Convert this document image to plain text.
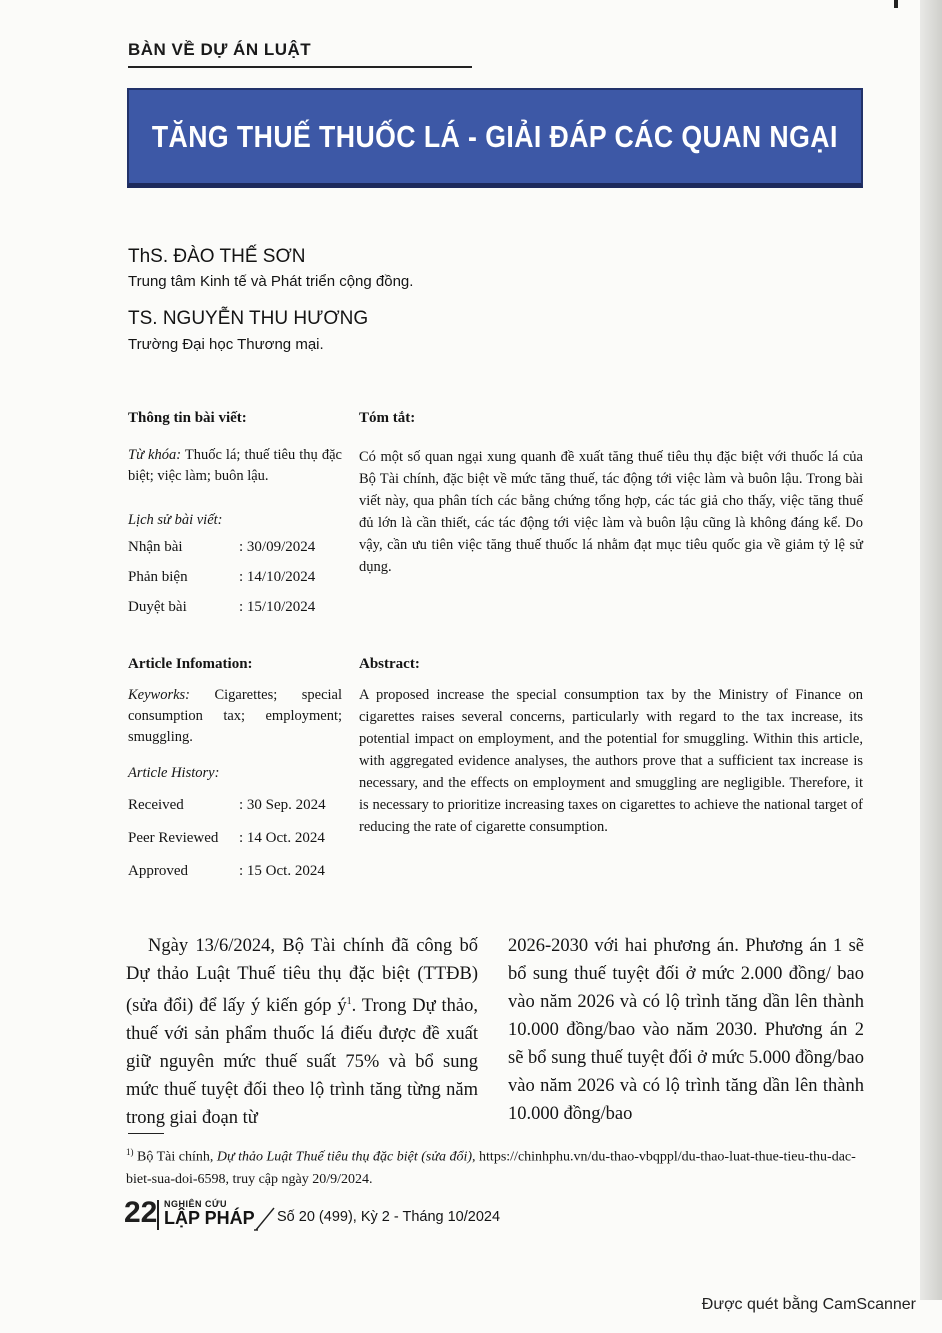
BÀN VỀ DỰ ÁN LUẬT
TĂNG THUẾ THUỐC LÁ - GIẢI ĐÁP CÁC QUAN NGẠI
ThS. ĐÀO THẾ SƠN
Trung tâm Kinh tế và Phát triển cộng đồng.
TS. NGUYỄN THU HƯƠNG
Trường Đại học Thương mại.
Thông tin bài viết:
Từ khóa: Thuốc lá; thuế tiêu thụ đặc biệt; việc làm; buôn lậu.
Lịch sử bài viết:
Nhận bài	: 30/09/2024
Phản biện	: 14/10/2024
Duyệt bài	: 15/10/2024
Tóm tắt:
Có một số quan ngại xung quanh đề xuất tăng thuế tiêu thụ đặc biệt với thuốc lá của Bộ Tài chính, đặc biệt về mức tăng thuế, tác động tới việc làm và buôn lậu. Trong bài viết này, qua phân tích các bằng chứng tổng hợp, các tác giả cho thấy, việc tăng thuế đủ lớn là cần thiết, các tác động tới việc làm và buôn lậu cũng là không đáng kể. Do vậy, cần ưu tiên việc tăng thuế thuốc lá nhằm đạt mục tiêu quốc gia về giảm tỷ lệ sử dụng.
Article Infomation:
Keyworks: Cigarettes; special consumption tax; employment; smuggling.
Article History:
Received	: 30 Sep. 2024
Peer Reviewed : 14 Oct. 2024
Approved	: 15 Oct. 2024
Abstract:
A proposed increase the special consumption tax by the Ministry of Finance on cigarettes raises several concerns, particularly with regard to the tax increase, its potential impact on employment, and the potential for smuggling. Within this article, with aggregated evidence analyses, the authors prove that a sufficient tax increase is necessary, and the effects on employment and smuggling are negligible. Therefore, it is necessary to prioritize increasing taxes on cigarettes to achieve the national target of reducing the rate of cigarette consumption.
Ngày 13/6/2024, Bộ Tài chính đã công bố Dự thảo Luật Thuế tiêu thụ đặc biệt (TTĐB) (sửa đổi) để lấy ý kiến góp $ý^1$. Trong Dự thảo, thuế với sản phẩm thuốc lá điếu được đề xuất giữ nguyên mức thuế suất 75% và bổ sung mức thuế tuyệt đối theo lộ trình tăng từng năm trong giai đoạn từ
2026-2030 với hai phương án. Phương án 1 sẽ bổ sung thuế tuyệt đối ở mức 2.000 đồng/ bao vào năm 2026 và có lộ trình tăng dần lên thành 10.000 đồng/bao vào năm 2030. Phương án 2 sẽ bổ sung thuế tuyệt đối ở mức 5.000 đồng/bao vào năm 2026 và có lộ trình tăng dần lên thành 10.000 đồng/bao
$^{1)}$ Bộ Tài chính, Dự thảo Luật Thuế tiêu thụ đặc biệt (sửa đổi), https://chinhphu.vn/du-thao-vbqppl/du-thao-luat-thue-tieu-thu-dac-biet-sua-doi-6598, truy cập ngày 20/9/2024.
22 NGHIÊN CỨU
LẬP PHÁP Số 20 (499), Kỳ 2 - Tháng 10/2024
Được quét bằng CamScanner
